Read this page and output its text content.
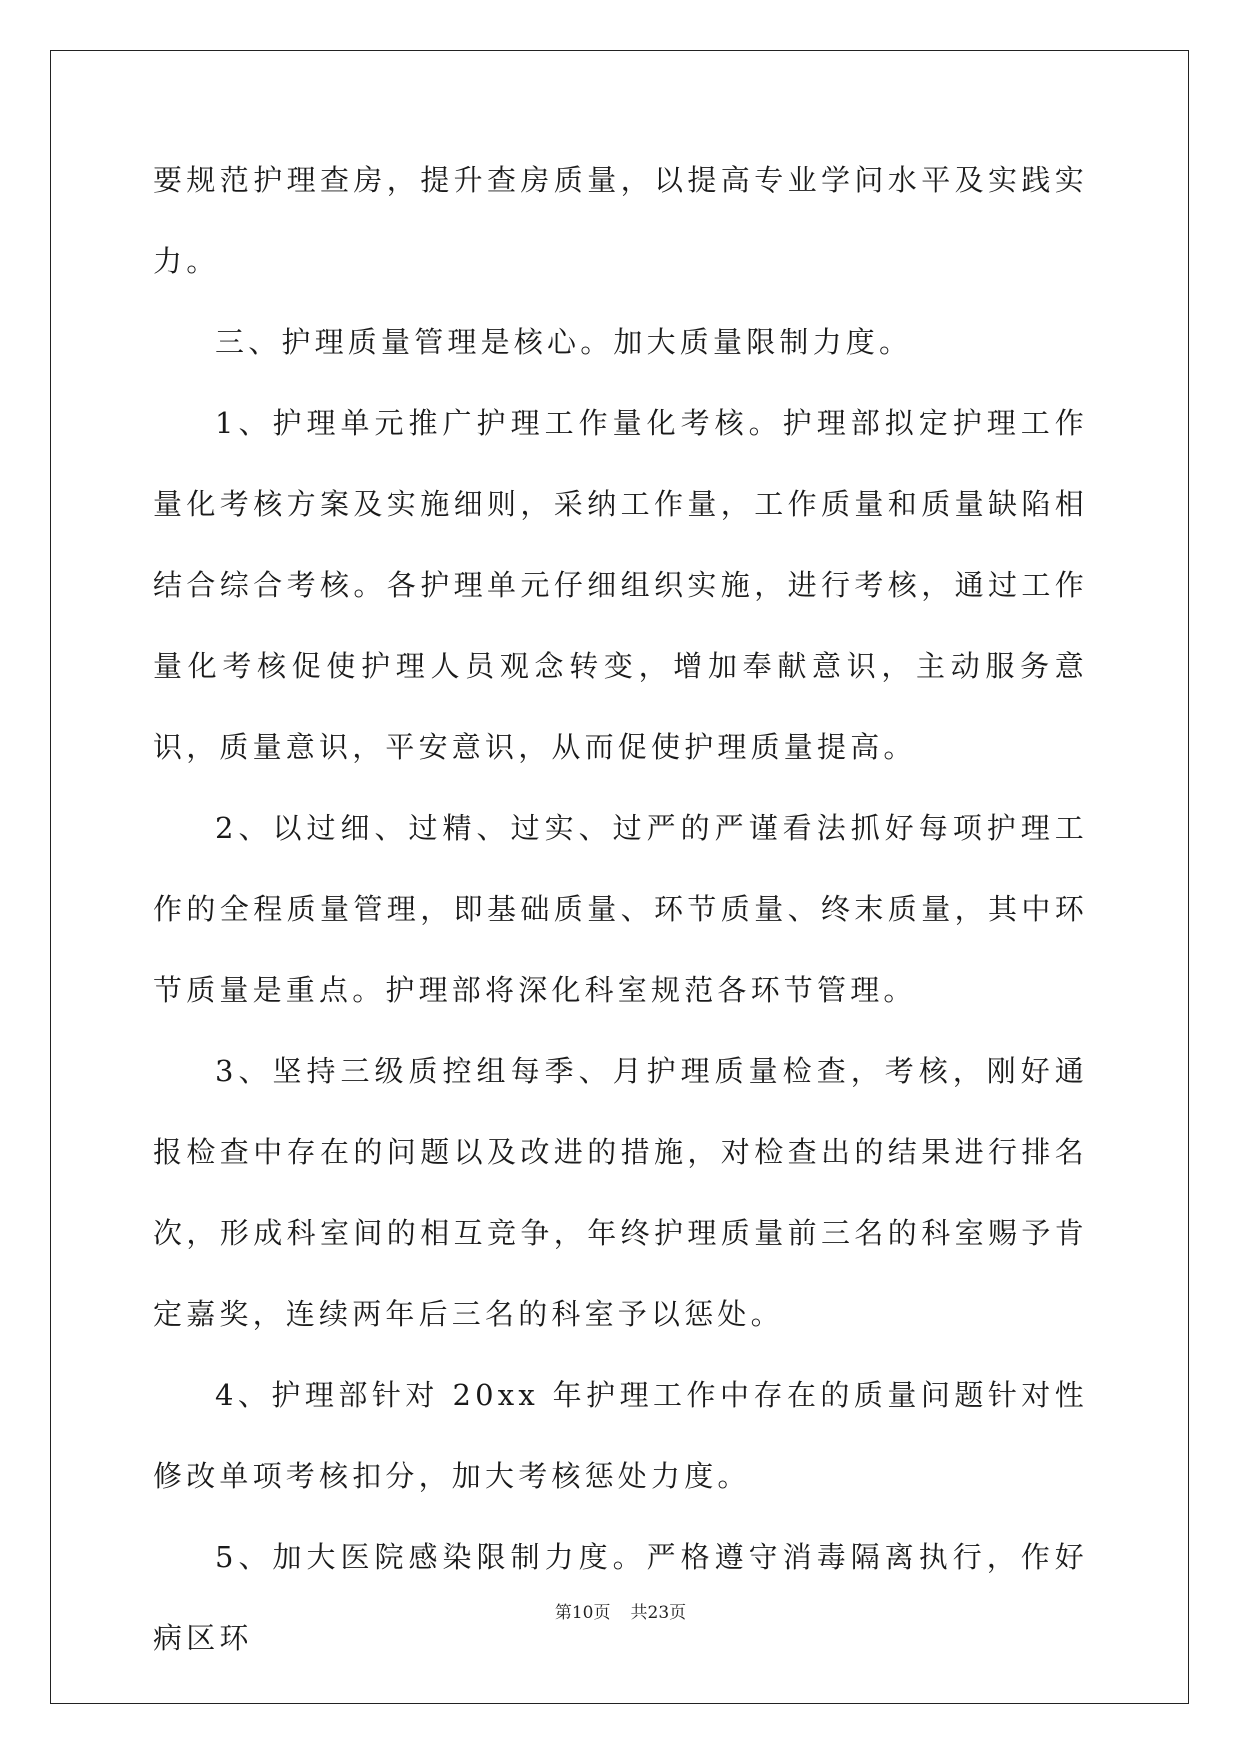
要规范护理查房，提升查房质量，以提高专业学问水平及实践实力。

三、护理质量管理是核心。加大质量限制力度。

1、护理单元推广护理工作量化考核。护理部拟定护理工作量化考核方案及实施细则，采纳工作量，工作质量和质量缺陷相结合综合考核。各护理单元仔细组织实施，进行考核，通过工作量化考核促使护理人员观念转变，增加奉献意识，主动服务意识，质量意识，平安意识，从而促使护理质量提高。

2、以过细、过精、过实、过严的严谨看法抓好每项护理工作的全程质量管理，即基础质量、环节质量、终末质量，其中环节质量是重点。护理部将深化科室规范各环节管理。

3、坚持三级质控组每季、月护理质量检查，考核，刚好通报检查中存在的问题以及改进的措施，对检查出的结果进行排名次，形成科室间的相互竞争，年终护理质量前三名的科室赐予肯定嘉奖，连续两年后三名的科室予以惩处。

4、护理部针对 20xx 年护理工作中存在的质量问题针对性修改单项考核扣分，加大考核惩处力度。

5、加大医院感染限制力度。严格遵守消毒隔离执行，作好病区环

第10页 共23页
